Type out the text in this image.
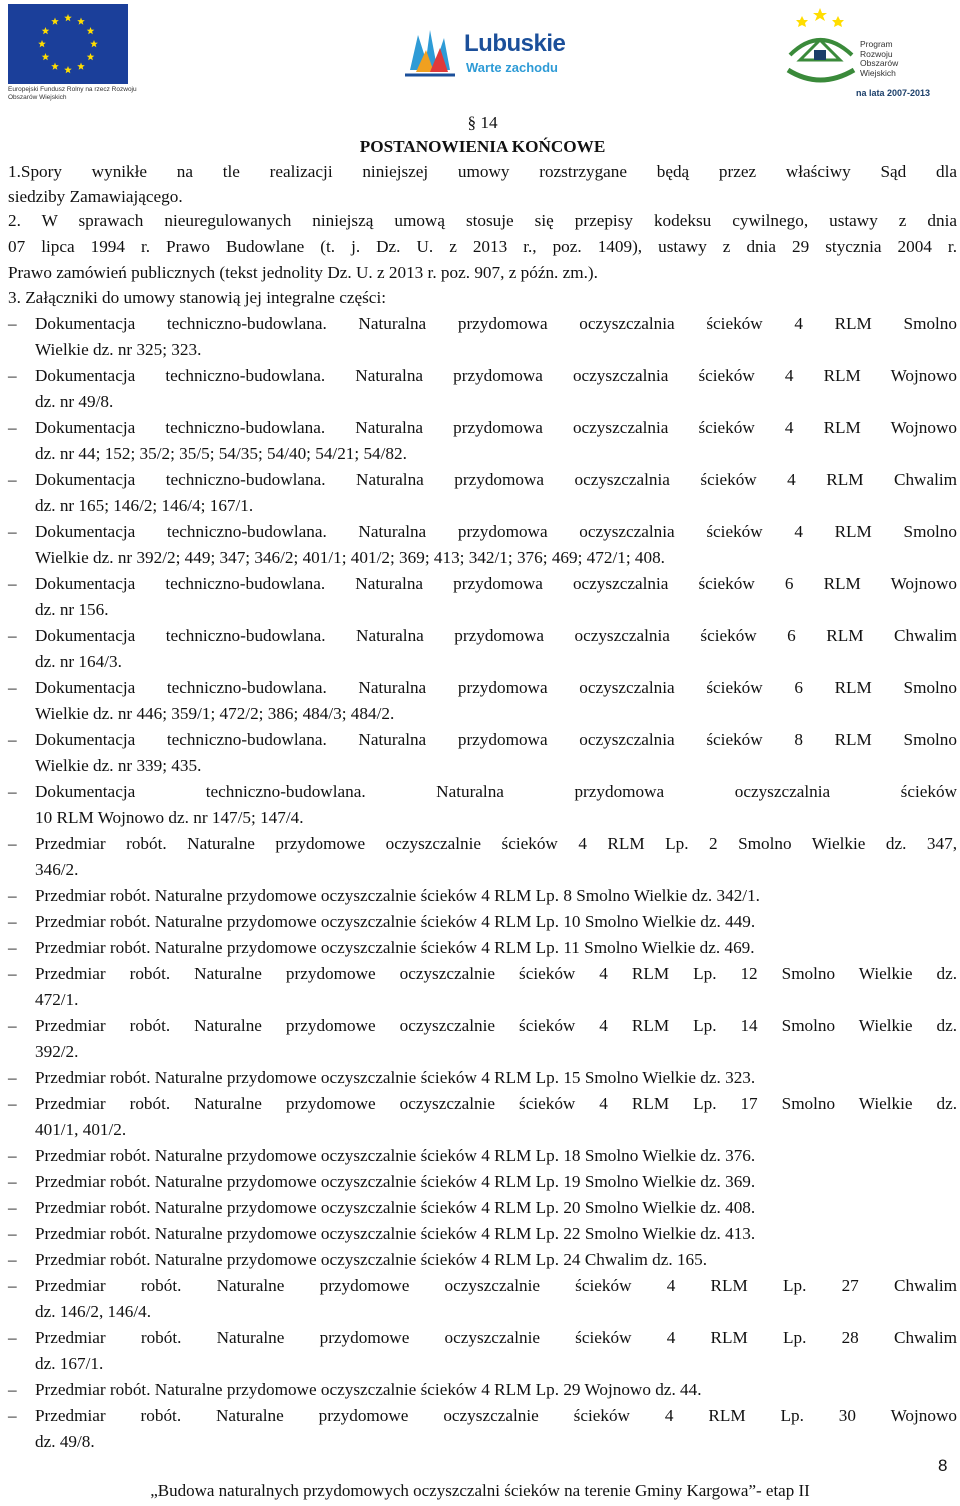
Europejski Fundusz Rolny na rzecz Rozwoju Obszarów Wiejskich
Lubuskie
Warte zachodu
Program Rozwoju Obszarów Wiejskich
na lata 2007-2013
§ 14
POSTANOWIENIA KOŃCOWE
1.Spory wynikłe na tle realizacji niniejszej umowy rozstrzygane będą przez właściwy Sąd dla
siedziby Zamawiającego.
2. W sprawach nieuregulowanych niniejszą umową stosuje się przepisy kodeksu cywilnego, ustawy z dnia
07 lipca 1994 r. Prawo Budowlane (t. j. Dz. U. z 2013 r., poz. 1409), ustawy z dnia 29 stycznia 2004 r.
Prawo zamówień publicznych (tekst jednolity Dz. U. z 2013 r. poz. 907, z późn. zm.).
3. Załączniki do umowy stanowią jej integralne części:
– Dokumentacja techniczno-budowlana. Naturalna przydomowa oczyszczalnia ścieków 4 RLM Smolno
Wielkie dz. nr 325; 323.
– Dokumentacja techniczno-budowlana. Naturalna przydomowa oczyszczalnia ścieków 4 RLM Wojnowo
dz. nr 49/8.
– Dokumentacja techniczno-budowlana. Naturalna przydomowa oczyszczalnia ścieków 4 RLM Wojnowo
dz. nr 44; 152; 35/2; 35/5; 54/35; 54/40; 54/21; 54/82.
– Dokumentacja techniczno-budowlana. Naturalna przydomowa oczyszczalnia ścieków 4 RLM Chwalim
dz. nr 165; 146/2; 146/4; 167/1.
– Dokumentacja techniczno-budowlana. Naturalna przydomowa oczyszczalnia ścieków 4 RLM Smolno
Wielkie dz. nr 392/2; 449; 347; 346/2; 401/1; 401/2; 369; 413; 342/1; 376; 469; 472/1; 408.
– Dokumentacja techniczno-budowlana. Naturalna przydomowa oczyszczalnia ścieków 6 RLM Wojnowo
dz. nr 156.
– Dokumentacja techniczno-budowlana. Naturalna przydomowa oczyszczalnia ścieków 6 RLM Chwalim
dz. nr 164/3.
– Dokumentacja techniczno-budowlana. Naturalna przydomowa oczyszczalnia ścieków 6 RLM Smolno
Wielkie dz. nr 446; 359/1; 472/2; 386; 484/3; 484/2.
– Dokumentacja techniczno-budowlana. Naturalna przydomowa oczyszczalnia ścieków 8 RLM Smolno
Wielkie dz. nr 339; 435.
– Dokumentacja techniczno-budowlana. Naturalna przydomowa oczyszczalnia ścieków
10 RLM Wojnowo dz. nr 147/5; 147/4.
– Przedmiar robót. Naturalne przydomowe oczyszczalnie ścieków 4 RLM Lp. 2 Smolno Wielkie dz. 347,
346/2.
– Przedmiar robót. Naturalne przydomowe oczyszczalnie ścieków 4 RLM Lp. 8 Smolno Wielkie dz. 342/1.
– Przedmiar robót. Naturalne przydomowe oczyszczalnie ścieków 4 RLM Lp. 10 Smolno Wielkie dz. 449.
– Przedmiar robót. Naturalne przydomowe oczyszczalnie ścieków 4 RLM Lp. 11 Smolno Wielkie dz. 469.
– Przedmiar robót. Naturalne przydomowe oczyszczalnie ścieków 4 RLM Lp. 12 Smolno Wielkie dz.
472/1.
– Przedmiar robót. Naturalne przydomowe oczyszczalnie ścieków 4 RLM Lp. 14 Smolno Wielkie dz.
392/2.
– Przedmiar robót. Naturalne przydomowe oczyszczalnie ścieków 4 RLM Lp. 15 Smolno Wielkie dz. 323.
– Przedmiar robót. Naturalne przydomowe oczyszczalnie ścieków 4 RLM Lp. 17 Smolno Wielkie dz.
401/1, 401/2.
– Przedmiar robót. Naturalne przydomowe oczyszczalnie ścieków 4 RLM Lp. 18 Smolno Wielkie dz. 376.
– Przedmiar robót. Naturalne przydomowe oczyszczalnie ścieków 4 RLM Lp. 19 Smolno Wielkie dz. 369.
– Przedmiar robót. Naturalne przydomowe oczyszczalnie ścieków 4 RLM Lp. 20 Smolno Wielkie dz. 408.
– Przedmiar robót. Naturalne przydomowe oczyszczalnie ścieków 4 RLM Lp. 22 Smolno Wielkie dz. 413.
– Przedmiar robót. Naturalne przydomowe oczyszczalnie ścieków 4 RLM Lp. 24 Chwalim dz. 165.
– Przedmiar robót. Naturalne przydomowe oczyszczalnie ścieków 4 RLM Lp. 27 Chwalim
dz. 146/2, 146/4.
– Przedmiar robót. Naturalne przydomowe oczyszczalnie ścieków 4 RLM Lp. 28 Chwalim
dz. 167/1.
– Przedmiar robót. Naturalne przydomowe oczyszczalnie ścieków 4 RLM Lp. 29 Wojnowo dz. 44.
– Przedmiar robót. Naturalne przydomowe oczyszczalnie ścieków 4 RLM Lp. 30 Wojnowo
dz. 49/8.
8
„Budowa naturalnych przydomowych oczyszczalni ścieków na terenie Gminy Kargowa”- etap II
